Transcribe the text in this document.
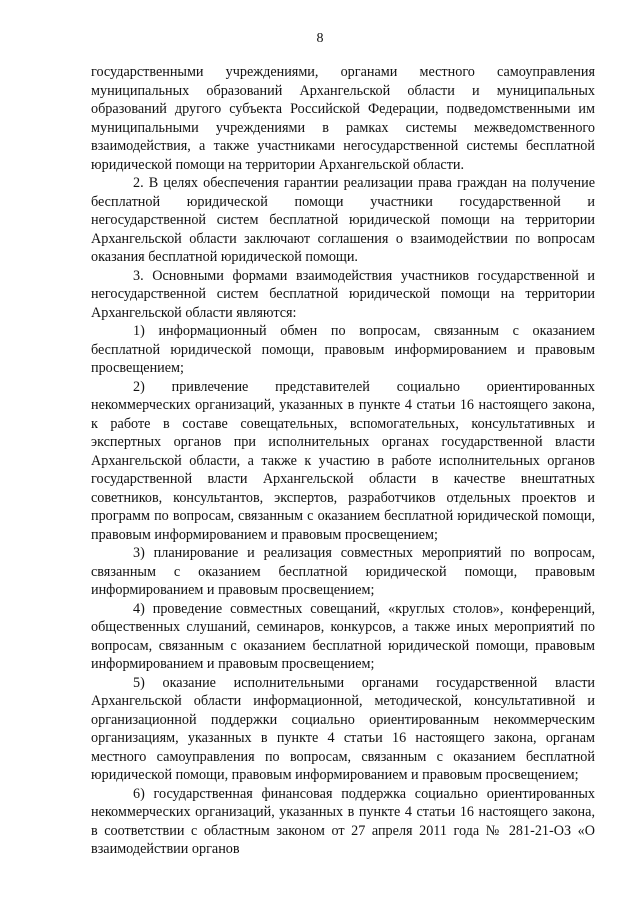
8

государственными учреждениями, органами местного самоуправления муниципальных образований Архангельской области и муниципальных образований другого субъекта Российской Федерации, подведомственными им муниципальными учреждениями в рамках системы межведомственного взаимодействия, а также участниками негосударственной системы бесплатной юридической помощи на территории Архангельской области.

2. В целях обеспечения гарантии реализации права граждан на получение бесплатной юридической помощи участники государственной и негосударственной систем бесплатной юридической помощи на территории Архангельской области заключают соглашения о взаимодействии по вопросам оказания бесплатной юридической помощи.

3. Основными формами взаимодействия участников государственной и негосударственной систем бесплатной юридической помощи на территории Архангельской области являются:

1) информационный обмен по вопросам, связанным с оказанием бесплатной юридической помощи, правовым информированием и правовым просвещением;

2) привлечение представителей социально ориентированных некоммерческих организаций, указанных в пункте 4 статьи 16 настоящего закона, к работе в составе совещательных, вспомогательных, консультативных и экспертных органов при исполнительных органах государственной власти Архангельской области, а также к участию в работе исполнительных органов государственной власти Архангельской области в качестве внештатных советников, консультантов, экспертов, разработчиков отдельных проектов и программ по вопросам, связанным с оказанием бесплатной юридической помощи, правовым информированием и правовым просвещением;

3) планирование и реализация совместных мероприятий по вопросам, связанным с оказанием бесплатной юридической помощи, правовым информированием и правовым просвещением;

4) проведение совместных совещаний, «круглых столов», конференций, общественных слушаний, семинаров, конкурсов, а также иных мероприятий по вопросам, связанным с оказанием бесплатной юридической помощи, правовым информированием и правовым просвещением;

5) оказание исполнительными органами государственной власти Архангельской области информационной, методической, консультативной и организационной поддержки социально ориентированным некоммерческим организациям, указанных в пункте 4 статьи 16 настоящего закона, органам местного самоуправления по вопросам, связанным с оказанием бесплатной юридической помощи, правовым информированием и правовым просвещением;

6) государственная финансовая поддержка социально ориентированных некоммерческих организаций, указанных в пункте 4 статьи 16 настоящего закона, в соответствии с областным законом от 27 апреля 2011 года № 281-21-ОЗ «О взаимодействии органов
